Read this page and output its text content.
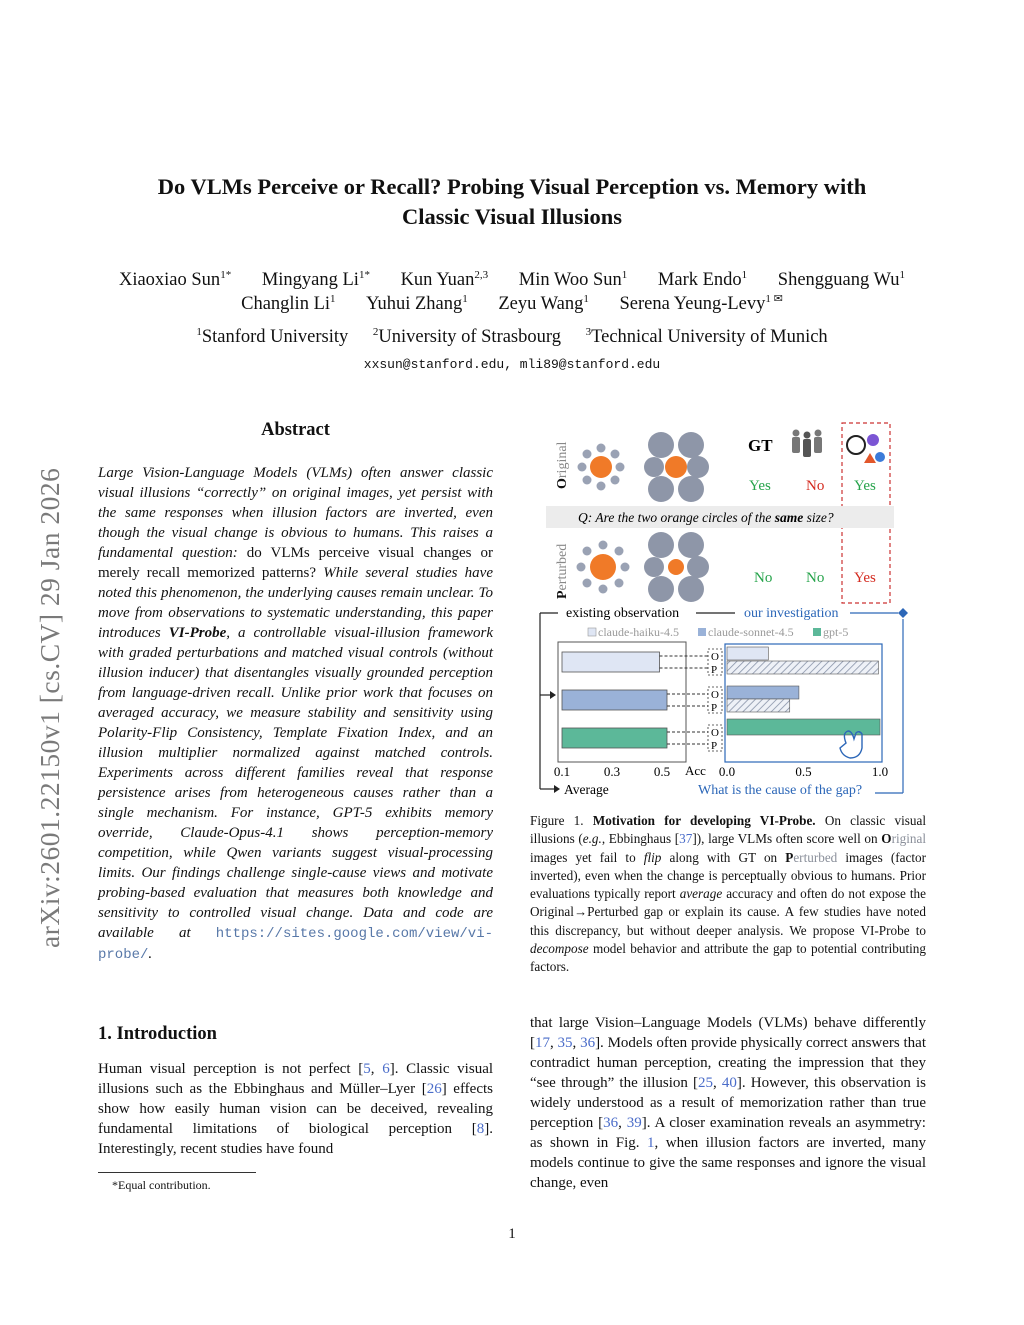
Do VLMs Perceive or Recall? Probing Visual Perception vs. Memory with
Classic Visual Illusions
Xiaoxiao Sun$^{1*}$ Mingyang $Li^{1*}$ Kun Yuan$^{2,3}$ Min Woo Sun$^1$ Mark Endo$^1$ Shengguang Wu$^1$
Changlin Li$^1$ Yuhui Zhang$^1$ Zeyu Wang$^1$ Serena Yeung-Levy$^{1 ✉}$
$^1$Stanford University $^2$University of Strasbourg $^3$Technical University of Munich
xxsun@stanford.edu, mli89@stanford.edu
arXiv:2601.22150v1 [cs.CV] 29 Jan 2026
Abstract
Large Vision-Language Models (VLMs) often answer classic visual illusions “correctly” on original images, yet persist with the same responses when illusion factors are inverted, even though the visual change is obvious to humans. This raises a fundamental question: do VLMs perceive visual changes or merely recall memorized patterns? While several studies have noted this phenomenon, the underlying causes remain unclear. To move from observations to systematic understanding, this paper introduces VI-Probe, a controllable visual-illusion framework with graded perturbations and matched visual controls (without illusion inducer) that disentangles visually grounded perception from language-driven recall. Unlike prior work that focuses on averaged accuracy, we measure stability and sensitivity using Polarity-Flip Consistency, Template Fixation Index, and an illusion multiplier normalized against matched controls. Experiments across different families reveal that response persistence arises from heterogeneous causes rather than a single mechanism. For instance, GPT-5 exhibits memory override, Claude-Opus-4.1 shows perception-memory competition, while Qwen variants suggest visual-processing limits. Our findings challenge single-cause views and motivate probing-based evaluation that measures both knowledge and sensitivity to controlled visual change. Data and code are available at https://sites.google.com/view/vi-probe/.
1. Introduction
Human visual perception is not perfect [5, 6]. Classic visual illusions such as the Ebbinghaus and Müller–Lyer [26] effects show how easily human vision can be deceived, revealing fundamental limitations of biological perception [8]. Interestingly, recent studies have found
*Equal contribution.
that large Vision–Language Models (VLMs) behave differently [17, 35, 36]. Models often provide physically correct answers that contradict human perception, creating the impression that they “see through” the illusion [25, 40]. However, this observation is widely understood as a result of memorization rather than true perception [36, 39]. A closer examination reveals an asymmetry: as shown in Fig. 1, when illusion factors are inverted, many models continue to give the same responses and ignore the visual change, even
Figure 1. Motivation for developing VI-Probe. On classic visual illusions (e.g., Ebbinghaus [37]), large VLMs often score well on Original images yet fail to flip along with GT on Perturbed images (factor inverted), even when the change is perceptually obvious to humans. Prior evaluations typically report average accuracy and often do not expose the Original→Perturbed gap or explain its cause. A few studies have noted this discrepancy, but without deeper analysis. We propose VI-Probe to decompose model behavior and attribute the gap to potential contributing factors.
Original
Perturbed
GT
Yes No Yes
Q: Are the two orange circles of the same size?
No No Yes
existing observation	our investigation
claude-haiku-4.5 claude-sonnet-4.5 gpt-5
0.1	0.3	0.5
Average
O
P
O
P
O
P
0.0	0.5	1.0
Acc
What is the cause of the gap?
1
